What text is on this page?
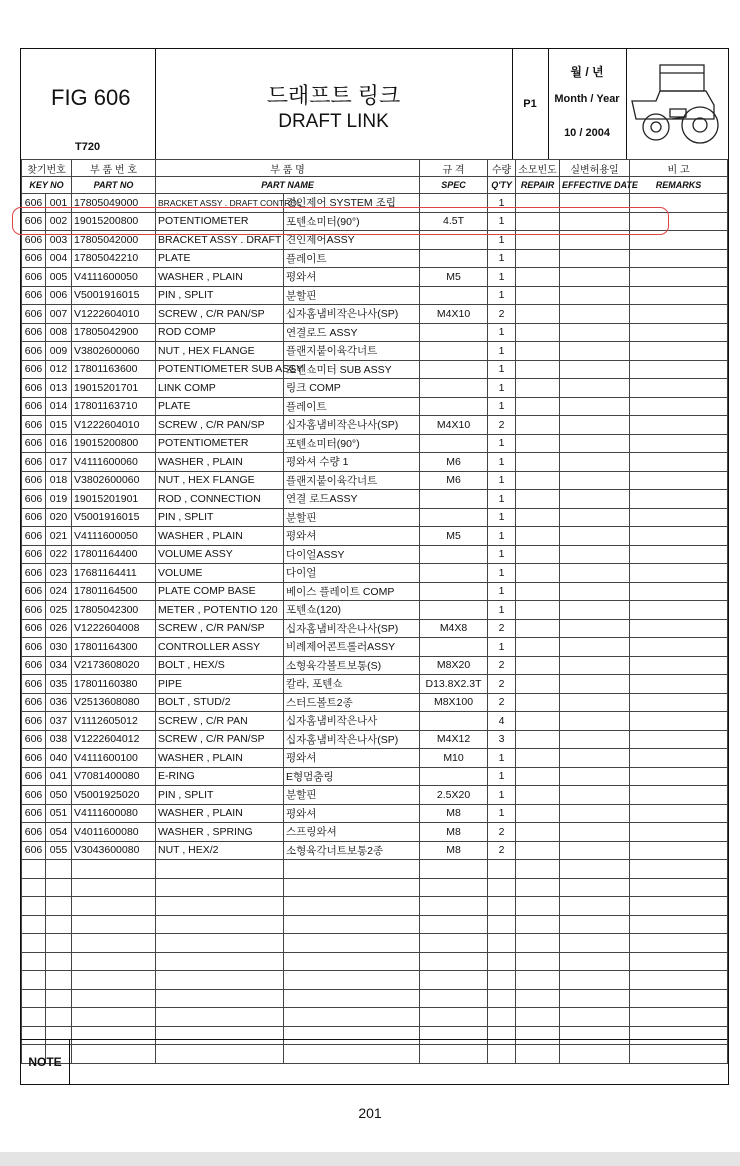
FIG 606
T720
드래프트 링크
DRAFT LINK
P1
월 / 년
Month / Year
10 / 2004
찾기번호		부 품 번 호	부 품 명		규 격	수량	소모빈도	실변허용일	비 고
KEY NO		PART NO	PART NAME		SPEC	Q'TY	REPAIR	EFFECTIVE DATE	REMARKS
606	001	17805049000	BRACKET ASSY . DRAFT CONTROL	견인제어 SYSTEM 조립		1			
606	002	19015200800	POTENTIOMETER	포텐쇼미터(90°)	4.5T	1			
606	003	17805042000	BRACKET ASSY . DRAFT	견인제어ASSY		1			
606	004	17805042210	PLATE	플레이트		1			
606	005	V4111600050	WASHER , PLAIN	평와셔	M5	1			
606	006	V5001916015	PIN , SPLIT	분할핀		1			
606	007	V1222604010	SCREW , C/R PAN/SP	십자홈냄비작은나사(SP)	M4X10	2			
606	008	17805042900	ROD COMP	연결로드 ASSY		1			
606	009	V3802600060	NUT , HEX FLANGE	플랜지붙이육각너트		1			
606	012	17801163600	POTENTIOMETER SUB ASSY	포텐쇼미터 SUB ASSY		1			
606	013	19015201701	LINK COMP	링크 COMP		1			
606	014	17801163710	PLATE	플레이트		1			
606	015	V1222604010	SCREW , C/R PAN/SP	십자홈냄비작은나사(SP)	M4X10	2			
606	016	19015200800	POTENTIOMETER	포텐쇼미터(90°)		1			
606	017	V4111600060	WASHER , PLAIN	평와셔 수량 1	M6	1			
606	018	V3802600060	NUT , HEX FLANGE	플랜지붙이육각너트	M6	1			
606	019	19015201901	ROD , CONNECTION	연결 로드ASSY		1			
606	020	V5001916015	PIN , SPLIT	분할핀		1			
606	021	V4111600050	WASHER , PLAIN	평와셔	M5	1			
606	022	17801164400	VOLUME ASSY	다이얼ASSY		1			
606	023	17681164411	VOLUME	다이얼		1			
606	024	17801164500	PLATE COMP BASE	베이스 플레이트 COMP		1			
606	025	17805042300	METER , POTENTIO 120	포텐쇼(120)		1			
606	026	V1222604008	SCREW , C/R PAN/SP	십자홈냄비작은나사(SP)	M4X8	2			
606	030	17801164300	CONTROLLER ASSY	비례제어콘트롤러ASSY		1			
606	034	V2173608020	BOLT , HEX/S	소형육각볼트보통(S)	M8X20	2			
606	035	17801160380	PIPE	칼라, 포텐쇼	D13.8X2.3T	2			
606	036	V2513608080	BOLT , STUD/2	스터드볼트2종	M8X100	2			
606	037	V1112605012	SCREW , C/R PAN	십자홈냄비작은나사		4			
606	038	V1222604012	SCREW , C/R PAN/SP	십자홈냄비작은나사(SP)	M4X12	3			
606	040	V4111600100	WASHER , PLAIN	평와셔	M10	1			
606	041	V7081400080	E-RING	E형멈춤링		1			
606	050	V5001925020	PIN , SPLIT	분할핀	2.5X20	1			
606	051	V4111600080	WASHER , PLAIN	평와셔	M8	1			
606	054	V4011600080	WASHER , SPRING	스프링와셔	M8	2			
606	055	V3043600080	NUT , HEX/2	소형육각너트보통2종	M8	2			

NOTE
201
